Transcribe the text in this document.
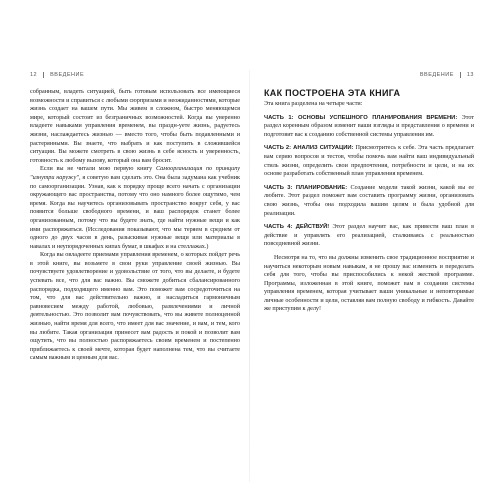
12 ВВЕДЕНИЕ

собранным, владеть ситуацией, быть готовым использовать все имеющиеся возможности и справиться с любыми сюрпризами и неожиданностями, которые жизнь создает на вашем пути. Мы живем в сложном, быстро меняющемся мире, который состоит из безграничных возможностей. Когда вы уверенно владеете навыками управления временем, вы праздн-уете жизнь, радуетесь жизни, наслаждаетесь жизнью — вместо того, чтобы быть подавленными и растерянными. Вы знаете, что выбрать и как поступить в сложившейся ситуации. Вы можете смотреть в свою жизнь в себе ясность и уверенность, готовность к любому вызову, который она вам бросит.

Если вы не читали мою первую книгу Самоорганизация по принципу "изнутри наружу", я советую вам сделать это. Она была задумана как учебник по самоорганизации. Узнав, как к порядку проще всего начать с организации окружающего вас пространства, потому что оно намного более ощутимо, чем время. Когда вы научитесь организовывать пространство вокруг себя, у вас появится больше свободного времени, и ваш распорядок станет более организованным, потому что вы будете знать, где найти нужные вещи и как ими распоряжаться. (Исследования показывают, что мы теряем в среднем от одного до двух часов в день, разыскивая нужные вещи или материалы в навалах и неупорядоченных кипах бумаг, в шкафах и на стеллажах.)

Когда вы овладеете приемами управления временем, о которых пойдет речь в этой книге, вы возьмете в свои руки управление своей жизнью. Вы почувствуете удовлетворение и удовольствие от того, что вы делаете, и будете успевать все, что для вас важно. Вы сможете добиться сбалансированного распорядка, подходящего именно вам. Это поможет вам сосредоточиться на том, что для вас действительно важно, и насладиться гармоничным равновесием между работой, любовью, развлечениями и личной деятельностью. Это позволит вам почувствовать, что вы живете полноценной жизнью, найти время для всего, что имеет для вас значение, и вам, и тем, кого вы любите. Такая организация принесет вам радость и покой и позволит вам ощутить, что вы полностью распоряжаетесь своим временем и постепенно приближаетесь к своей мечте, которая будет наполнена тем, что вы считаете самым важным и ценным для вас.

ВВЕДЕНИЕ 13
КАК ПОСТРОЕНА ЭТА КНИГА
Эта книга разделена на четыре части:
ЧАСТЬ 1: ОСНОВЫ УСПЕШНОГО ПЛАНИРОВАНИЯ ВРЕМЕНИ: Этот раздел коренным образом изменит ваши взгляды и представления о времени и подготовит вас к созданию собственной системы управления им.
ЧАСТЬ 2: АНАЛИЗ СИТУАЦИИ: Присмотритесь к себе. Эта часть предлагает вам серию вопросов и тестов, чтобы помочь вам найти ваш индивидуальный стиль жизни, определить свои предпочтения, потребности и цели, и на их основе разработать собственный план управления временем.
ЧАСТЬ 3: ПЛАНИРОВАНИЕ: Создание модели такой жизни, какой вы ее любите. Этот раздел поможет вам составить программу жизни, организовать свою жизнь, чтобы она подходила вашим целям и была удобной для реализации.
ЧАСТЬ 4: ДЕЙСТВУЙ! Этот раздел научит вас, как привести ваш план в действие и управлять его реализацией, сталкиваясь с реальностью повседневной жизни.

Несмотря на то, что вы должны изменить свое традиционное восприятие и научиться некоторым новым навыкам, я не прошу вас изменить и переделать себя для того, чтобы вы приспособились к некой жесткой программе. Программы, изложенная в этой книге, поможет вам в создании системы управления временем, которая учитывает ваши уникальные и неповторимые личные особенности и цели, оставляя вам полную свободу и гибкость. Давайте же приступим к делу!
